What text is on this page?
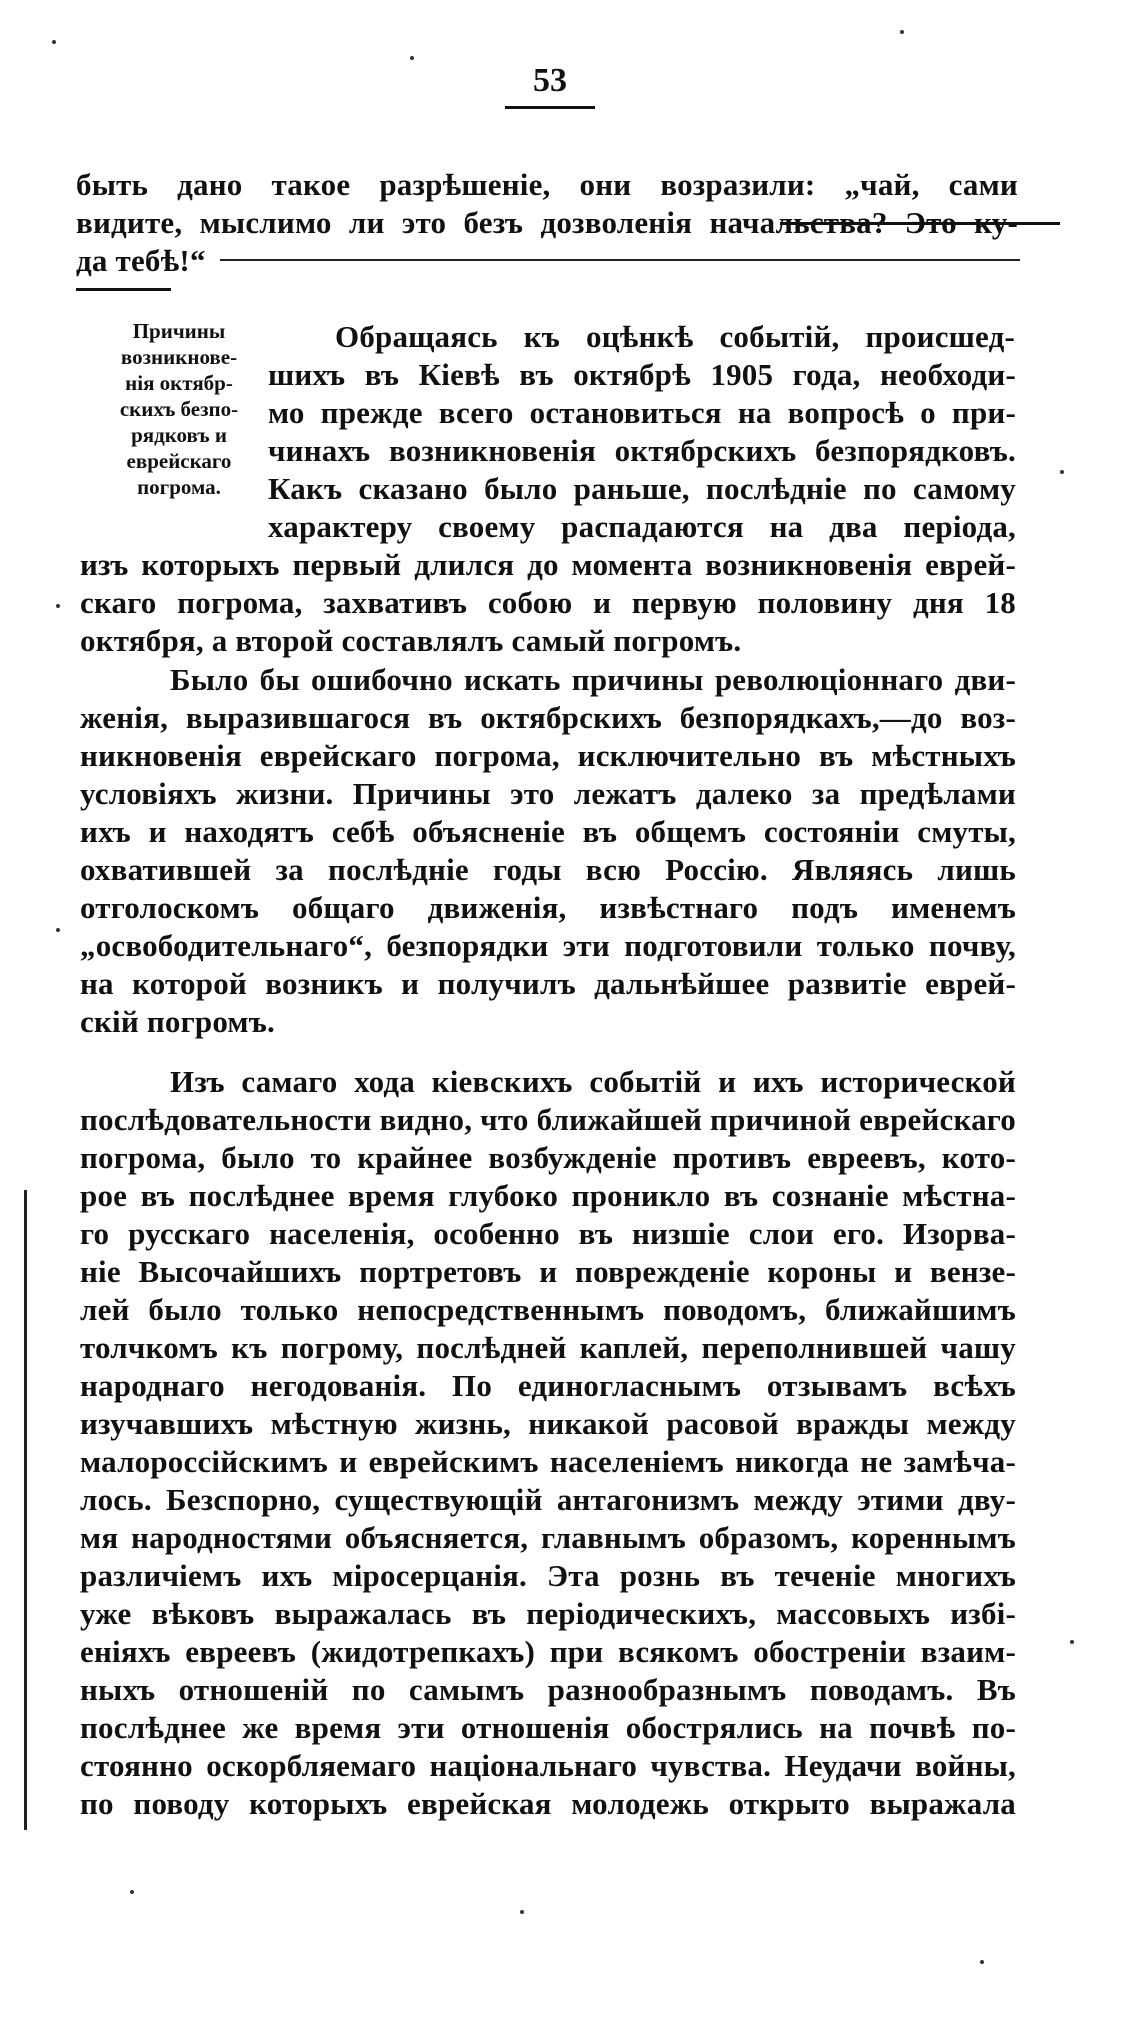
53
быть дано такое разрѣшеніе, они возразили: „чай, сами
видите, мыслимо ли это безъ дозволенія начальства? Это ку-
да тебѣ!“
Причины
возникнове-
нія октябр-
скихъ безпо-
рядковъ и
еврейскаго
погрома.
Обращаясь къ оцѣнкѣ событій, происшед-
шихъ въ Кіевѣ въ октябрѣ 1905 года, необходи-
мо прежде всего остановиться на вопросѣ о при-
чинахъ возникновенія октябрскихъ безпорядковъ.
Какъ сказано было раньше, послѣдніе по самому
характеру своему распадаются на два періода,
изъ которыхъ первый длился до момента возникновенія еврей-
скаго погрома, захвативъ собою и первую половину дня 18
октября, а второй составлялъ самый погромъ.
Было бы ошибочно искать причины революціоннаго дви-
женія, выразившагося въ октябрскихъ безпорядкахъ,—до воз-
никновенія еврейскаго погрома, исключительно въ мѣстныхъ
условіяхъ жизни. Причины это лежатъ далеко за предѣлами
ихъ и находятъ себѣ объясненіе въ общемъ состояніи смуты,
охватившей за послѣдніе годы всю Россію. Являясь лишь
отголоскомъ общаго движенія, извѣстнаго подъ именемъ
„освободительнаго“, безпорядки эти подготовили только почву,
на которой возникъ и получилъ дальнѣйшее развитіе еврей-
скій погромъ.
Изъ самаго хода кіевскихъ событій и ихъ исторической
послѣдовательности видно, что ближайшей причиной еврейскаго
погрома, было то крайнее возбужденіе противъ евреевъ, кото-
рое въ послѣднее время глубоко проникло въ сознаніе мѣстна-
го русскаго населенія, особенно въ низшіе слои его. Изорва-
ніе Высочайшихъ портретовъ и поврежденіе короны и вензе-
лей было только непосредственнымъ поводомъ, ближайшимъ
толчкомъ къ погрому, послѣдней каплей, переполнившей чашу
народнаго негодованія. По единогласнымъ отзывамъ всѣхъ
изучавшихъ мѣстную жизнь, никакой расовой вражды между
малороссійскимъ и еврейскимъ населеніемъ никогда не замѣча-
лось. Безспорно, существующій антагонизмъ между этими дву-
мя народностями объясняется, главнымъ образомъ, кореннымъ
различіемъ ихъ міросерцанія. Эта рознь въ теченіе многихъ
уже вѣковъ выражалась въ періодическихъ, массовыхъ избі-
еніяхъ евреевъ (жидотрепкахъ) при всякомъ обостреніи взаим-
ныхъ отношеній по самымъ разнообразнымъ поводамъ. Въ
послѣднее же время эти отношенія обострялись на почвѣ по-
стоянно оскорбляемаго національнаго чувства. Неудачи войны,
по поводу которыхъ еврейская молодежь открыто выражала
